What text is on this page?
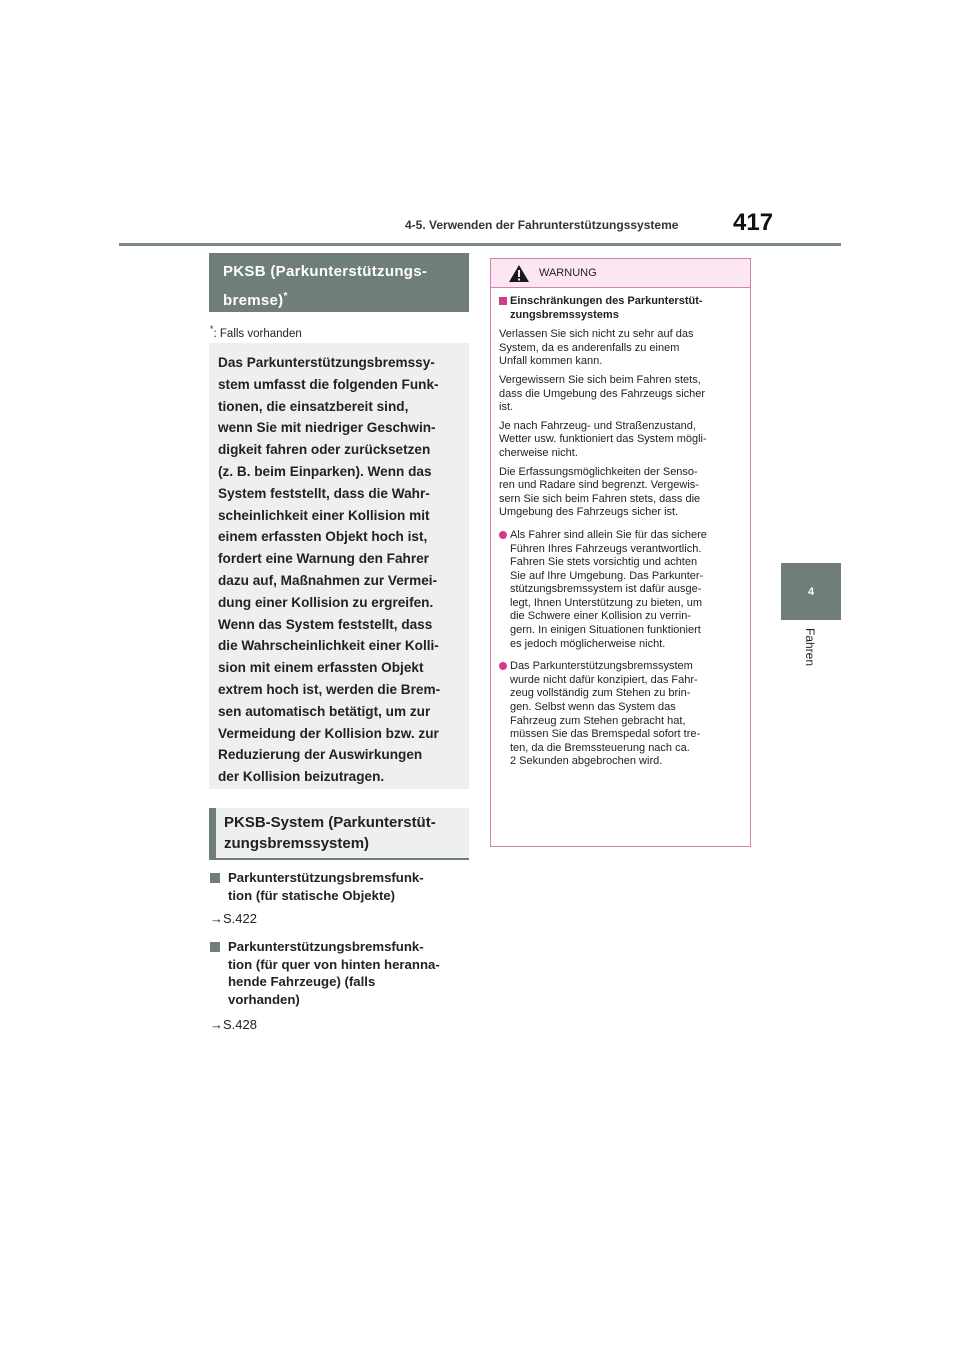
4-5. Verwenden der Fahrunterstützungssysteme 417
4
Fahren
PKSB (Parkunterstützungs-
bremse)*
*: Falls vorhanden

Das Parkunterstützungsbremssy-
stem umfasst die folgenden Funk-
tionen, die einsatzbereit sind,
wenn Sie mit niedriger Geschwin-
digkeit fahren oder zurücksetzen
(z. B. beim Einparken). Wenn das
System feststellt, dass die Wahr-
scheinlichkeit einer Kollision mit
einem erfassten Objekt hoch ist,
fordert eine Warnung den Fahrer
dazu auf, Maßnahmen zur Vermei-
dung einer Kollision zu ergreifen.
Wenn das System feststellt, dass
die Wahrscheinlichkeit einer Kolli-
sion mit einem erfassten Objekt
extrem hoch ist, werden die Brem-
sen automatisch betätigt, um zur
Vermeidung der Kollision bzw. zur
Reduzierung der Auswirkungen
der Kollision beizutragen.

PKSB-System (Parkunterstüt-
zungsbremssystem)
Parkunterstützungsbremsfunk-
tion (für statische Objekte)
→S.422
Parkunterstützungsbremsfunk-
tion (für quer von hinten heranna-
hende Fahrzeuge) (falls
vorhanden)
→S.428
WARNUNG

Einschränkungen des Parkunterstüt-
zungsbremssystems

Verlassen Sie sich nicht zu sehr auf das
System, da es anderenfalls zu einem
Unfall kommen kann.

Vergewissern Sie sich beim Fahren stets,
dass die Umgebung des Fahrzeugs sicher
ist.

Je nach Fahrzeug- und Straßenzustand,
Wetter usw. funktioniert das System mögli-
cherweise nicht.

Die Erfassungsmöglichkeiten der Senso-
ren und Radare sind begrenzt. Vergewis-
sern Sie sich beim Fahren stets, dass die
Umgebung des Fahrzeugs sicher ist.

Als Fahrer sind allein Sie für das sichere
Führen Ihres Fahrzeugs verantwortlich.
Fahren Sie stets vorsichtig und achten
Sie auf Ihre Umgebung. Das Parkunter-
stützungsbremssystem ist dafür ausge-
legt, Ihnen Unterstützung zu bieten, um
die Schwere einer Kollision zu verrin-
gern. In einigen Situationen funktioniert
es jedoch möglicherweise nicht.

Das Parkunterstützungsbremssystem
wurde nicht dafür konzipiert, das Fahr-
zeug vollständig zum Stehen zu brin-
gen. Selbst wenn das System das
Fahrzeug zum Stehen gebracht hat,
müssen Sie das Bremspedal sofort tre-
ten, da die Bremssteuerung nach ca.
2 Sekunden abgebrochen wird.
